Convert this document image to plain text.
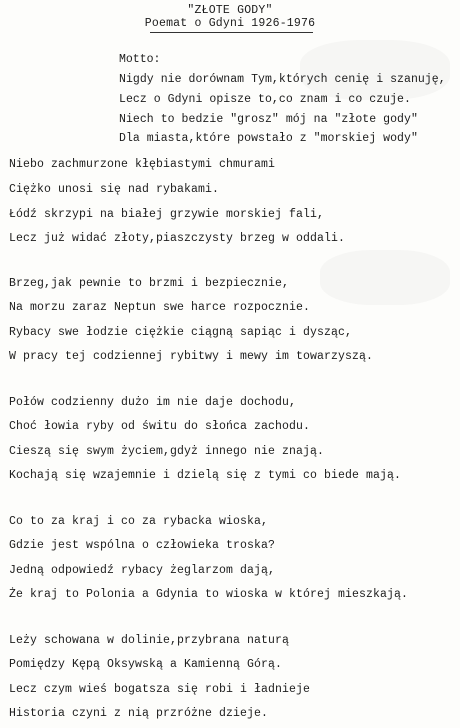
"ZŁOTE GODY"
Poemat o Gdyni 1926-1976
Motto:
Nigdy nie dorównam Tym,których cenię i szanuję,
Lecz o Gdyni opisze to,co znam i co czuje.
Niech to bedzie "grosz" mój na "złote gody"
Dla miasta,które powstało z "morskiej wody"
Niebo zachmurzone kłębiastymi chmurami
Ciężko unosi się nad rybakami.
Łódź skrzypi na białej grzywie morskiej fali,
Lecz już widać złoty,piaszczysty brzeg w oddali.
Brzeg,jak pewnie to brzmi i bezpiecznie,
Na morzu zaraz Neptun swe harce rozpocznie.
Rybacy swe łodzie ciężkie ciągną sapiąc i dysząc,
W pracy tej codziennej rybitwy i mewy im towarzyszą.
Połów codzienny dużo im nie daje dochodu,
Choć łowia ryby od świtu do słońca zachodu.
Cieszą się swym życiem,gdyż innego nie znają.
Kochają się wzajemnie i dzielą się z tymi co biede mają.
Co to za kraj i co za rybacka wioska,
Gdzie jest wspólna o człowieka troska?
Jedną odpowiedź rybacy żeglarzom dają,
Że kraj to Polonia a Gdynia to wioska w której mieszkają.
Leży schowana w dolinie,przybrana naturą
Pomiędzy Kępą Oksywską a Kamienną Górą.
Lecz czym wieś bogatsza się robi i ładnieje
Historia czyni z nią przróżne dzieje.
